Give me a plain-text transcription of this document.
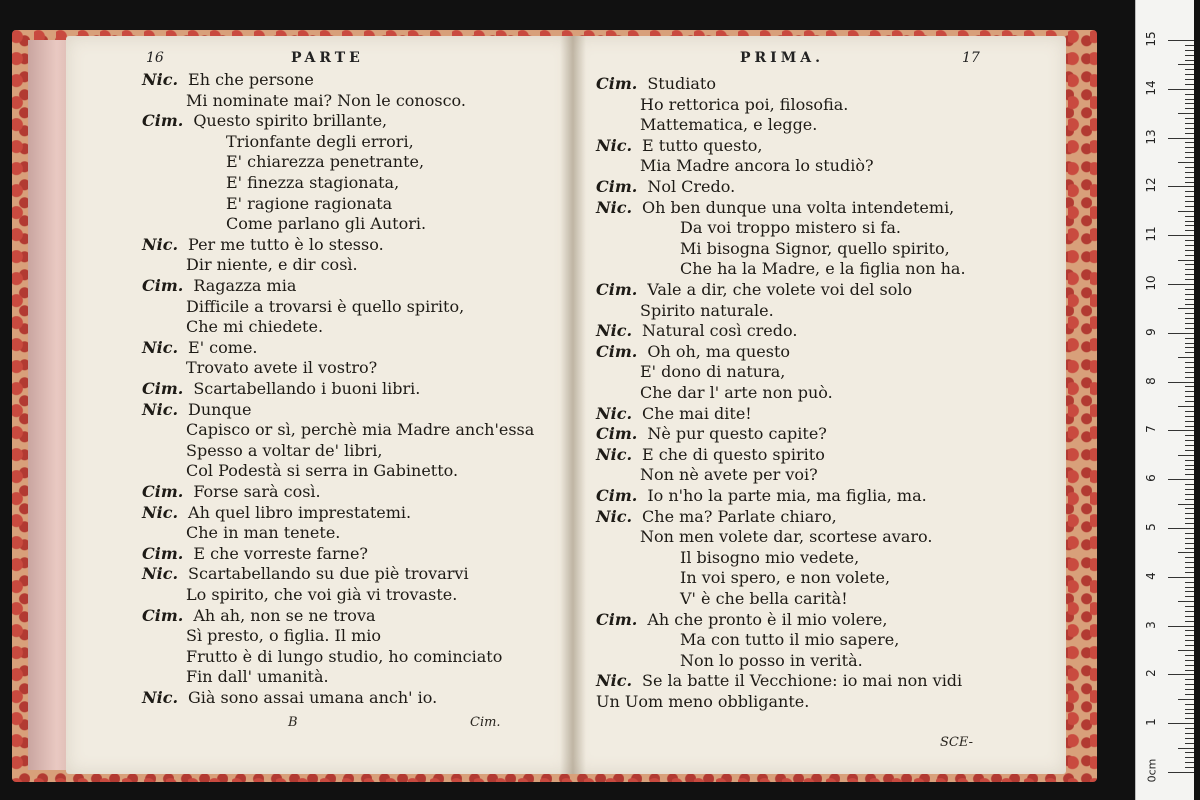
16	PARTE
Nic. Eh che persone
Mi nominate mai? Non le conosco.
Cim. Questo spirito brillante,
Trionfante degli errori,
E' chiarezza penetrante,
E' finezza stagionata,
E' ragione ragionata
Come parlano gli Autori.
Nic. Per me tutto è lo stesso.
Dir niente, e dir così.
Cim. Ragazza mia
Difficile a trovarsi è quello spirito,
Che mi chiedete.
Nic. E' come.
Trovato avete il vostro?
Cim. Scartabellando i buoni libri.
Nic. Dunque
Capisco or sì, perchè mia Madre anch'essa
Spesso a voltar de' libri,
Col Podestà si serra in Gabinetto.
Cim. Forse sarà così.
Nic. Ah quel libro imprestatemi.
Che in man tenete.
Cim. E che vorreste farne?
Nic. Scartabellando su due piè trovarvi
Lo spirito, che voi già vi trovaste.
Cim. Ah ah, non se ne trova
Sì presto, o figlia. Il mio
Frutto è di lungo studio, ho cominciato
Fin dall' umanità.
Nic. Già sono assai umana anch' io.
B	Cim.
PRIMA.	17
Cim. Studiato
Ho rettorica poi, filosofia.
Mattematica, e legge.
Nic. E tutto questo,
Mia Madre ancora lo studiò?
Cim. Nol Credo.
Nic. Oh ben dunque una volta intendetemi,
Da voi troppo mistero si fa.
Mi bisogna Signor, quello spirito,
Che ha la Madre, e la figlia non ha.
Cim. Vale a dir, che volete voi del solo
Spirito naturale.
Nic. Natural così credo.
Cim. Oh oh, ma questo
E' dono di natura,
Che dar l' arte non può.
Nic. Che mai dite!
Cim. Nè pur questo capite?
Nic. E che di questo spirito
Non nè avete per voi?
Cim. Io n'ho la parte mia, ma figlia, ma.
Nic. Che ma? Parlate chiaro,
Non men volete dar, scortese avaro.
Il bisogno mio vedete,
In voi spero, e non volete,
V' è che bella carità!
Cim. Ah che pronto è il mio volere,
Ma con tutto il mio sapere,
Non lo posso in verità.
Nic. Se la batte il Vecchione: io mai non vidi
Un Uom meno obbligante.
SCE-
0cm
1
2
3
4
5
6
7
8
9
10
11
12
13
14
15
